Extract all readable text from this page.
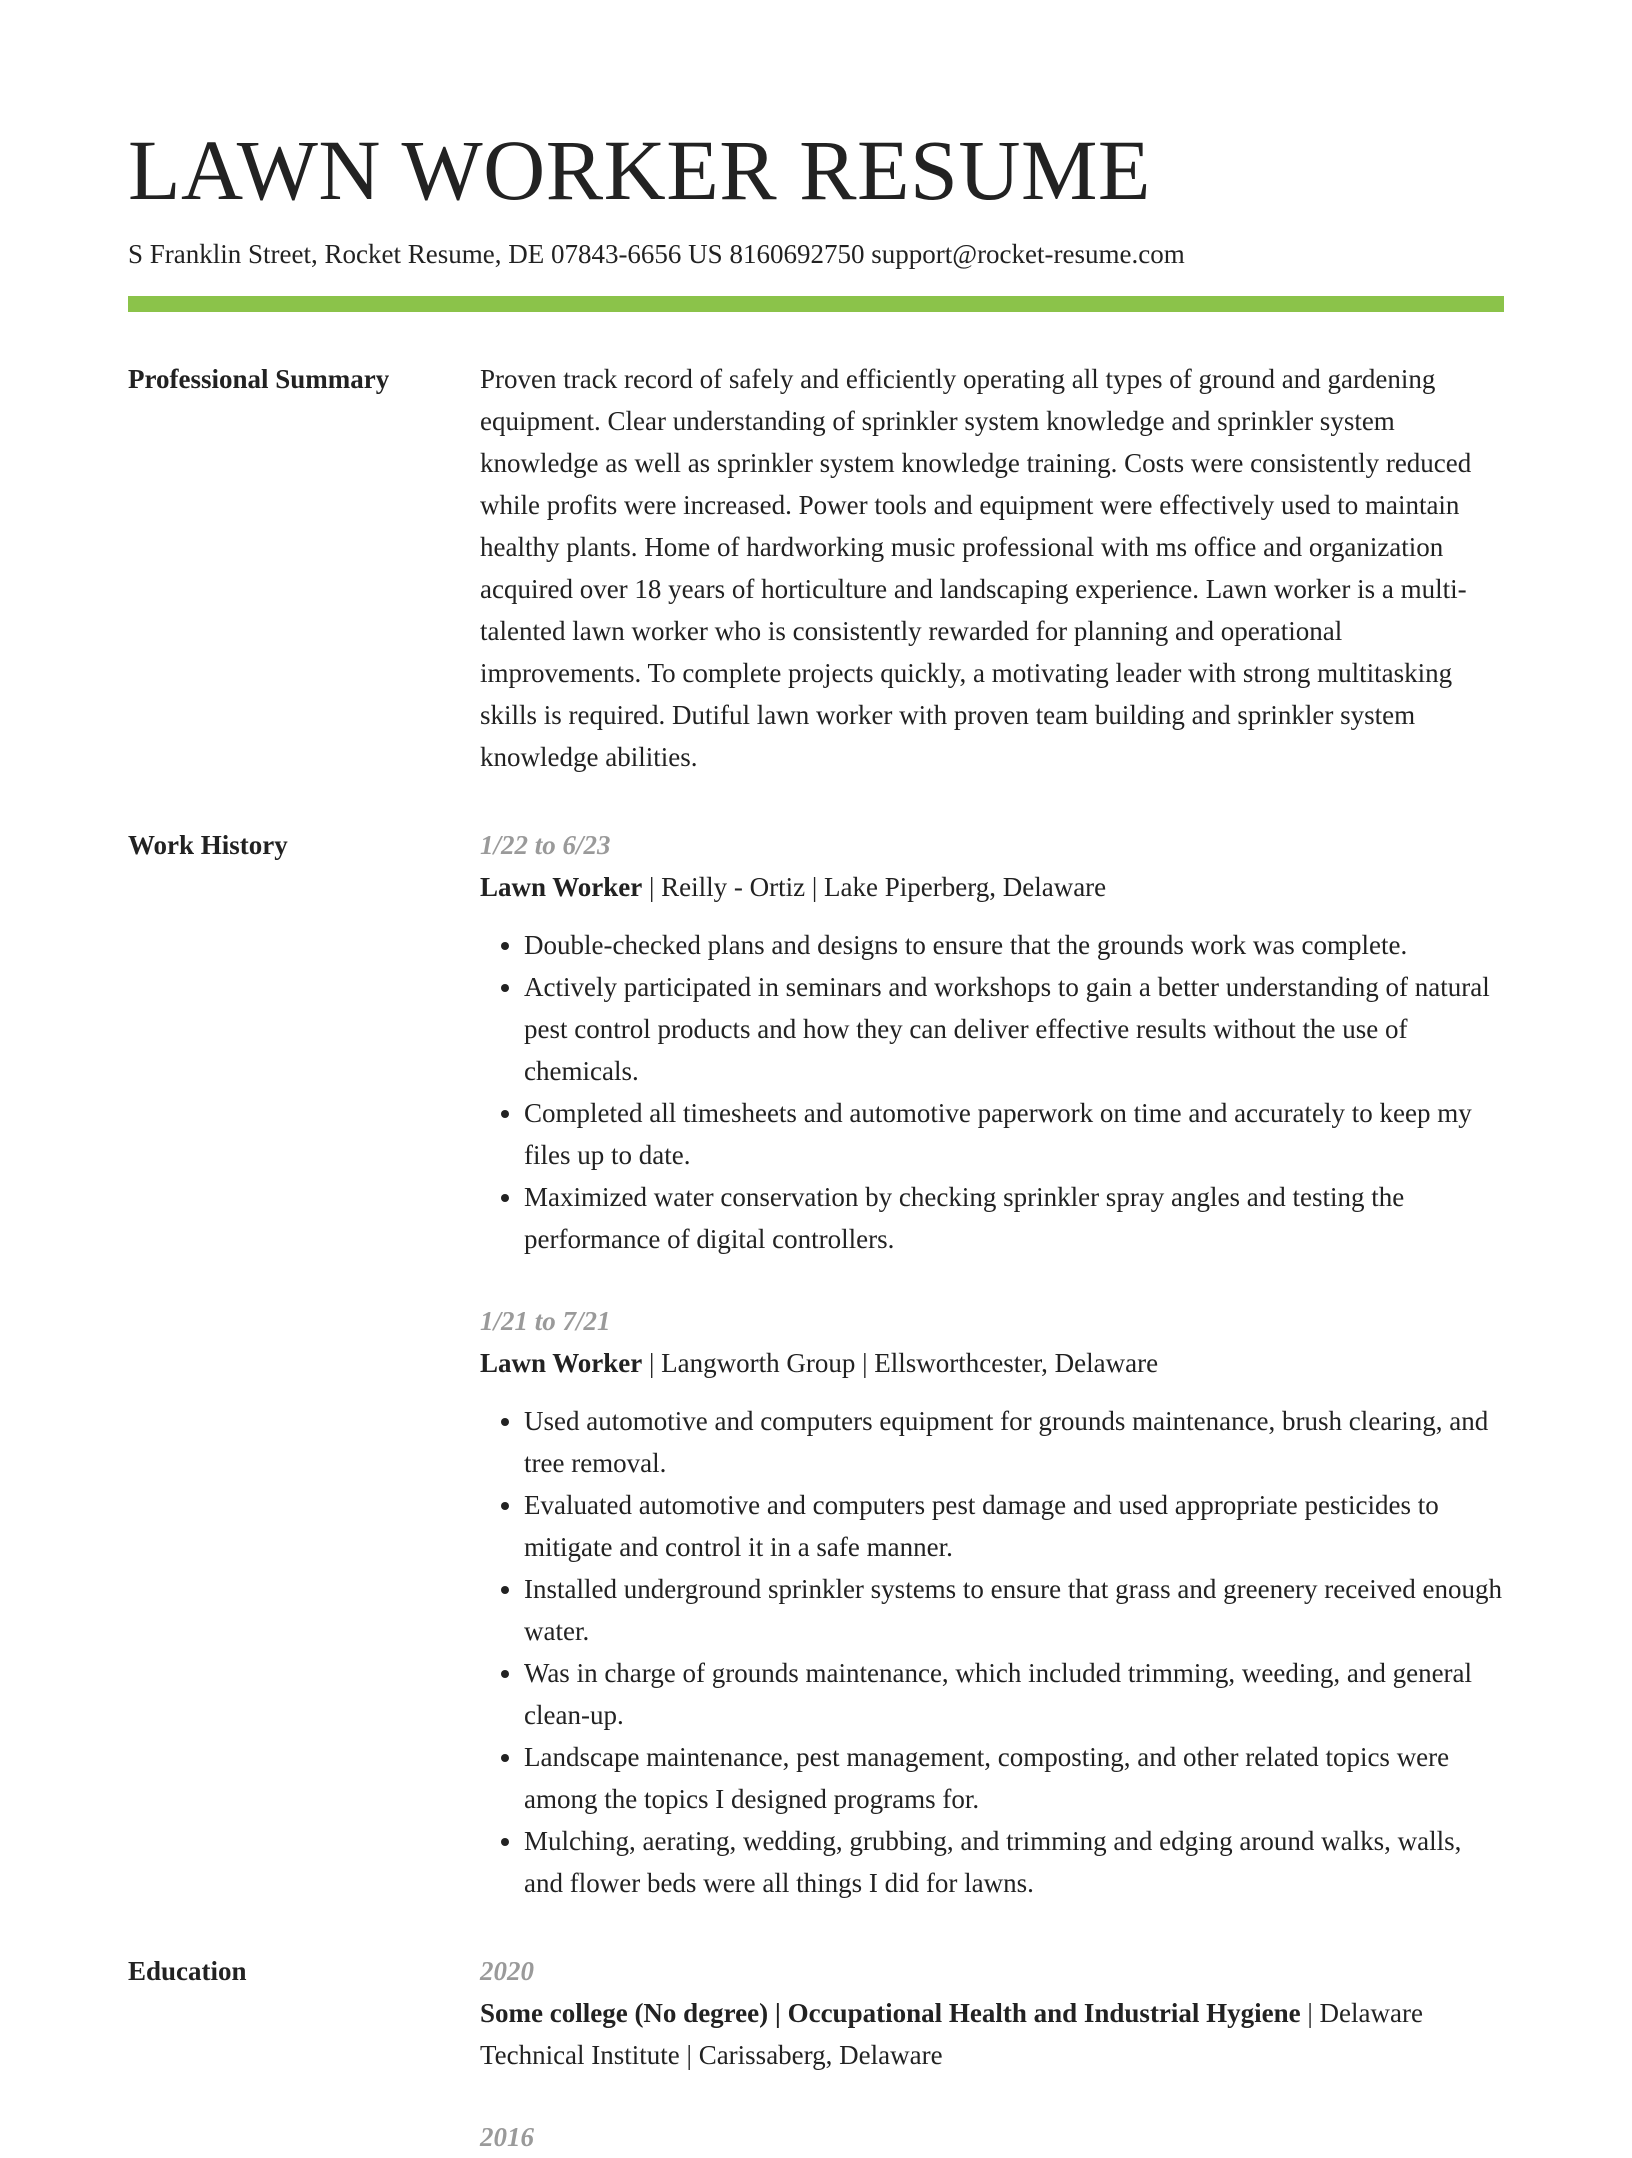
LAWN WORKER RESUME
S Franklin Street, Rocket Resume, DE 07843-6656 US 8160692750 support@rocket-resume.com
Professional Summary	Proven track record of safely and efficiently operating all types of ground and gardening equipment. Clear understanding of sprinkler system knowledge and sprinkler system knowledge as well as sprinkler system knowledge training. Costs were consistently reduced while profits were increased. Power tools and equipment were effectively used to maintain healthy plants. Home of hardworking music professional with ms office and organization acquired over 18 years of horticulture and landscaping experience. Lawn worker is a multi-talented lawn worker who is consistently rewarded for planning and operational improvements. To complete projects quickly, a motivating leader with strong multitasking skills is required. Dutiful lawn worker with proven team building and sprinkler system knowledge abilities.

Work History	1/22 to 6/23
Lawn Worker | Reilly - Ortiz | Lake Piperberg, Delaware
• Double-checked plans and designs to ensure that the grounds work was complete.
• Actively participated in seminars and workshops to gain a better understanding of natural pest control products and how they can deliver effective results without the use of chemicals.
• Completed all timesheets and automotive paperwork on time and accurately to keep my files up to date.
• Maximized water conservation by checking sprinkler spray angles and testing the performance of digital controllers.
1/21 to 7/21
Lawn Worker | Langworth Group | Ellsworthcester, Delaware
• Used automotive and computers equipment for grounds maintenance, brush clearing, and tree removal.
• Evaluated automotive and computers pest damage and used appropriate pesticides to mitigate and control it in a safe manner.
• Installed underground sprinkler systems to ensure that grass and greenery received enough water.
• Was in charge of grounds maintenance, which included trimming, weeding, and general clean-up.
• Landscape maintenance, pest management, composting, and other related topics were among the topics I designed programs for.
• Mulching, aerating, wedding, grubbing, and trimming and edging around walks, walls, and flower beds were all things I did for lawns.
Education	2020
Some college (No degree) | Occupational Health and Industrial Hygiene | Delaware Technical Institute | Carissaberg, Delaware
2016
